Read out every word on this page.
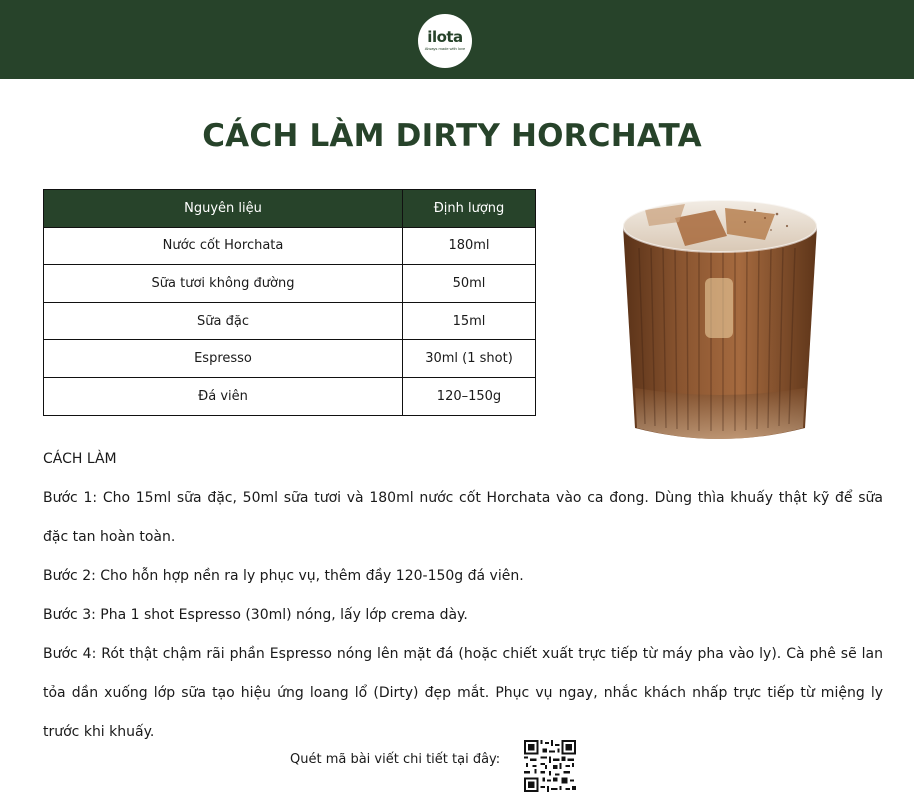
ilota
Always made with love
CÁCH LÀM DIRTY HORCHATA
Nguyên liệu	Định lượng
Nước cốt Horchata	180ml
Sữa tươi không đường	50ml
Sữa đặc	15ml
Espresso	30ml (1 shot)
Đá viên	120–150g

CÁCH LÀM

Bước 1: Cho 15ml sữa đặc, 50ml sữa tươi và 180ml nước cốt Horchata vào ca đong. Dùng thìa khuấy thật kỹ để sữa đặc tan hoàn toàn.

Bước 2: Cho hỗn hợp nền ra ly phục vụ, thêm đầy 120-150g đá viên.

Bước 3: Pha 1 shot Espresso (30ml) nóng, lấy lớp crema dày.

Bước 4: Rót thật chậm rãi phần Espresso nóng lên mặt đá (hoặc chiết xuất trực tiếp từ máy pha vào ly). Cà phê sẽ lan tỏa dần xuống lớp sữa tạo hiệu ứng loang lổ (Dirty) đẹp mắt. Phục vụ ngay, nhắc khách nhấp trực tiếp từ miệng ly trước khi khuấy.

Quét mã bài viết chi tiết tại đây:
